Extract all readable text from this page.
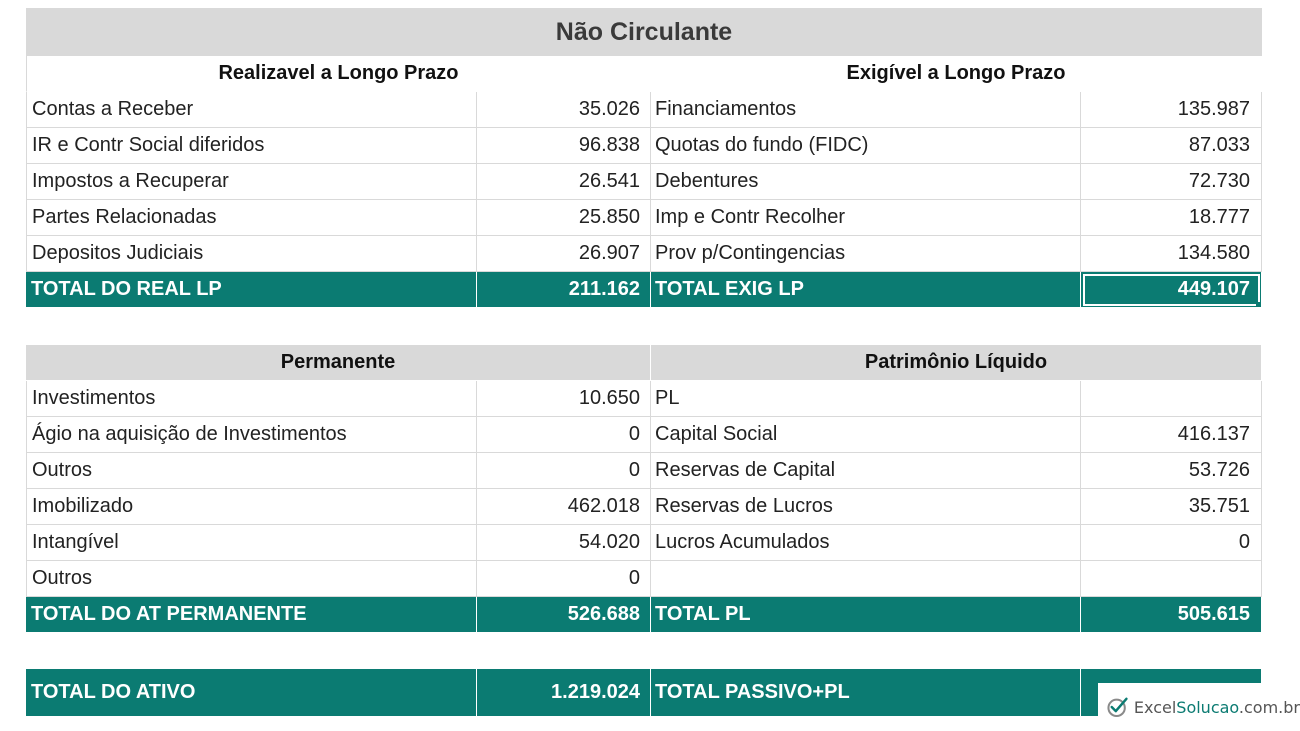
Não Circulante
Realizavel a Longo Prazo	Exigível a Longo Prazo
Contas a Receber	35.026 Financiamentos	135.987
IR e Contr Social diferidos	96.838 Quotas do fundo (FIDC)	87.033
Impostos a Recuperar	26.541 Debentures	72.730
Partes Relacionadas	25.850 Imp e Contr Recolher	18.777
Depositos Judiciais	26.907 Prov p/Contingencias	134.580
TOTAL DO REAL LP	211.162 TOTAL EXIG LP	449.107
Permanente	Patrimônio Líquido
Investimentos	10.650 PL
Ágio na aquisição de Investimentos	0 Capital Social	416.137
Outros	0 Reservas de Capital	53.726
Imobilizado	462.018 Reservas de Lucros	35.751
Intangível	54.020 Lucros Acumulados	0
Outros	0
TOTAL DO AT PERMANENTE	526.688 TOTAL PL	505.615
TOTAL DO ATIVO	1.219.024 TOTAL PASSIVO+PL
ExcelSolucao.com.br
